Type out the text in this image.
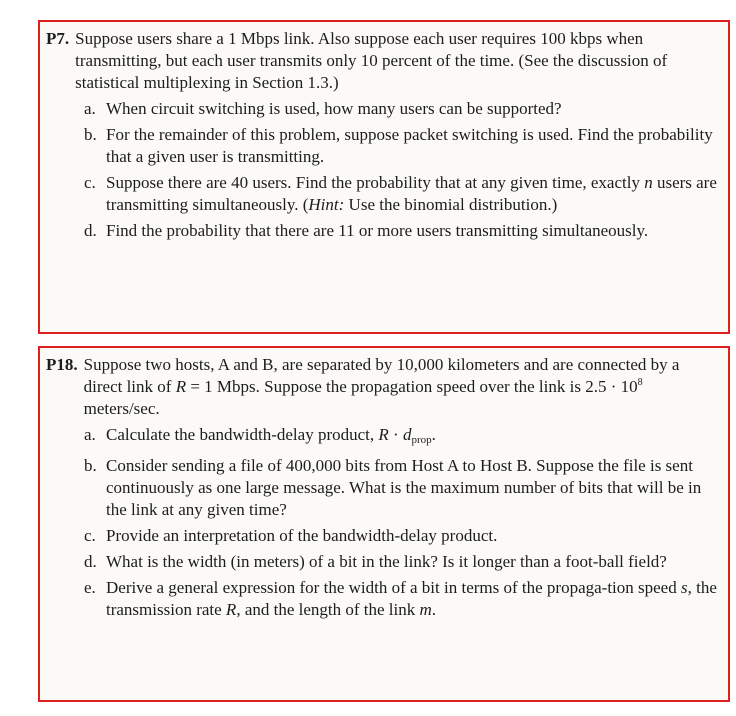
P7. Suppose users share a 1 Mbps link. Also suppose each user requires 100 kbps when transmitting, but each user transmits only 10 percent of the time. (See the discussion of statistical multiplexing in Section 1.3.)
a. When circuit switching is used, how many users can be supported?
b. For the remainder of this problem, suppose packet switching is used. Find the probability that a given user is transmitting.
c. Suppose there are 40 users. Find the probability that at any given time, exactly n users are transmitting simultaneously. (Hint: Use the binomial distribution.)
d. Find the probability that there are 11 or more users transmitting simultaneously.
P18. Suppose two hosts, A and B, are separated by 10,000 kilometers and are connected by a direct link of R = 1 Mbps. Suppose the propagation speed over the link is $2.5 \cdot 10^8$ meters/sec.
a. Calculate the bandwidth-delay product, $R \cdot d_{prop}$.
b. Consider sending a file of 400,000 bits from Host A to Host B. Suppose the file is sent continuously as one large message. What is the maximum number of bits that will be in the link at any given time?
c. Provide an interpretation of the bandwidth-delay product.
d. What is the width (in meters) of a bit in the link? Is it longer than a foot-ball field?
e. Derive a general expression for the width of a bit in terms of the propaga-tion speed s, the transmission rate R, and the length of the link m.
